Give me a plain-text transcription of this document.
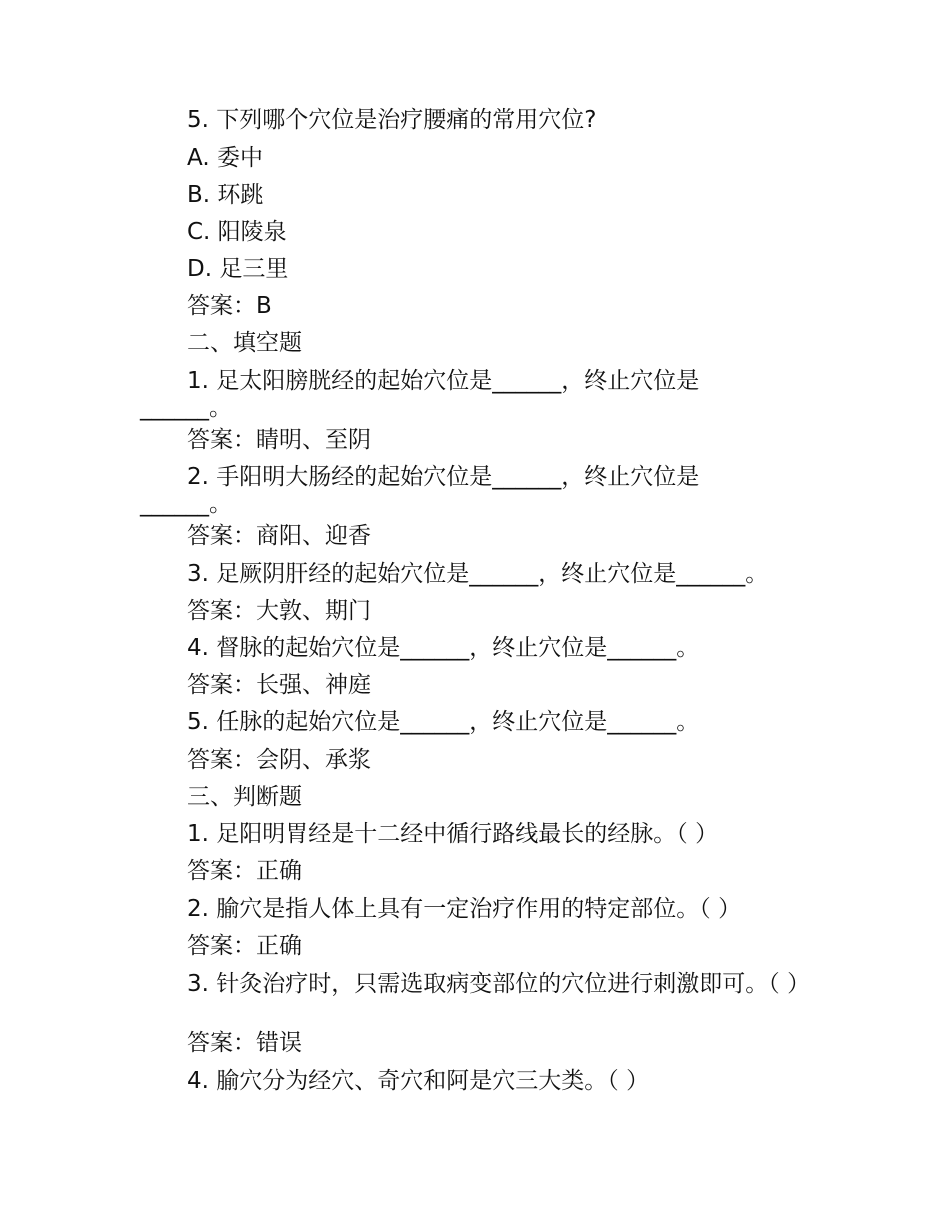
5. 下列哪个穴位是治疗腰痛的常用穴位?
A. 委中
B. 环跳
C. 阳陵泉
D. 足三里
答案：B
二、填空题
1. 足太阳膀胱经的起始穴位是______，终止穴位是
______。
答案：睛明、至阴
2. 手阳明大肠经的起始穴位是______，终止穴位是
______。
答案：商阳、迎香
3. 足厥阴肝经的起始穴位是______，终止穴位是______。
答案：大敦、期门
4. 督脉的起始穴位是______，终止穴位是______。
答案：长强、神庭
5. 任脉的起始穴位是______，终止穴位是______。
答案：会阴、承浆
三、判断题
1. 足阳明胃经是十二经中循行路线最长的经脉。（ ）
答案：正确
2. 腧穴是指人体上具有一定治疗作用的特定部位。（ ）
答案：正确
3. 针灸治疗时，只需选取病变部位的穴位进行刺激即可。（ ）
答案：错误
4. 腧穴分为经穴、奇穴和阿是穴三大类。（ ）
